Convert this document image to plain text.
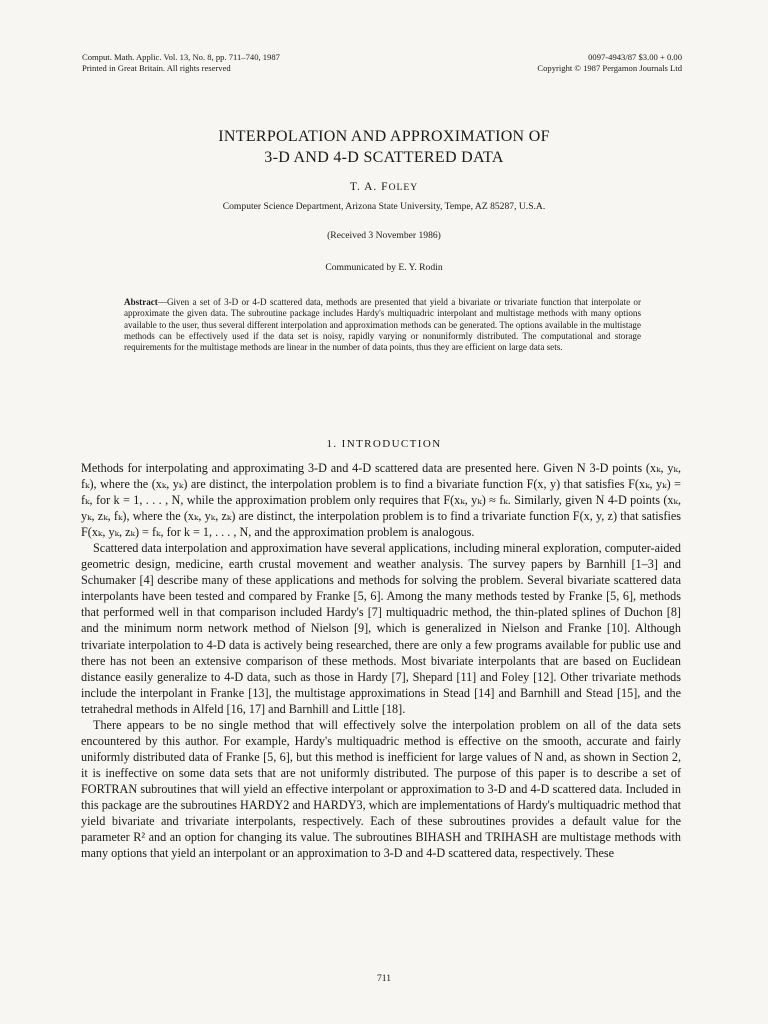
Comput. Math. Applic. Vol. 13, No. 8, pp. 711–740, 1987
Printed in Great Britain. All rights reserved
0097-4943/87 $3.00 + 0.00
Copyright © 1987 Pergamon Journals Ltd
INTERPOLATION AND APPROXIMATION OF
3-D AND 4-D SCATTERED DATA
T. A. FOLEY
Computer Science Department, Arizona State University, Tempe, AZ 85287, U.S.A.
(Received 3 November 1986)
Communicated by E. Y. Rodin
Abstract—Given a set of 3-D or 4-D scattered data, methods are presented that yield a bivariate or trivariate function that interpolate or approximate the given data. The subroutine package includes Hardy's multiquadric interpolant and multistage methods with many options available to the user, thus several different interpolation and approximation methods can be generated. The options available in the multistage methods can be effectively used if the data set is noisy, rapidly varying or nonuniformly distributed. The computational and storage requirements for the multistage methods are linear in the number of data points, thus they are efficient on large data sets.
1. INTRODUCTION

Methods for interpolating and approximating 3-D and 4-D scattered data are presented here. Given N 3-D points (xₖ, yₖ, fₖ), where the (xₖ, yₖ) are distinct, the interpolation problem is to find a bivariate function F(x, y) that satisfies F(xₖ, yₖ) = fₖ, for k = 1, . . . , N, while the approximation problem only requires that F(xₖ, yₖ) ≈ fₖ. Similarly, given N 4-D points (xₖ, yₖ, zₖ, fₖ), where the (xₖ, yₖ, zₖ) are distinct, the interpolation problem is to find a trivariate function F(x, y, z) that satisfies F(xₖ, yₖ, zₖ) = fₖ, for k = 1, . . . , N, and the approximation problem is analogous.

Scattered data interpolation and approximation have several applications, including mineral exploration, computer-aided geometric design, medicine, earth crustal movement and weather analysis. The survey papers by Barnhill [1–3] and Schumaker [4] describe many of these applications and methods for solving the problem. Several bivariate scattered data interpolants have been tested and compared by Franke [5, 6]. Among the many methods tested by Franke [5, 6], methods that performed well in that comparison included Hardy's [7] multiquadric method, the thin-plated splines of Duchon [8] and the minimum norm network method of Nielson [9], which is generalized in Nielson and Franke [10]. Although trivariate interpolation to 4-D data is actively being researched, there are only a few programs available for public use and there has not been an extensive comparison of these methods. Most bivariate interpolants that are based on Euclidean distance easily generalize to 4-D data, such as those in Hardy [7], Shepard [11] and Foley [12]. Other trivariate methods include the interpolant in Franke [13], the multistage approximations in Stead [14] and Barnhill and Stead [15], and the tetrahedral methods in Alfeld [16, 17] and Barnhill and Little [18].

There appears to be no single method that will effectively solve the interpolation problem on all of the data sets encountered by this author. For example, Hardy's multiquadric method is effective on the smooth, accurate and fairly uniformly distributed data of Franke [5, 6], but this method is inefficient for large values of N and, as shown in Section 2, it is ineffective on some data sets that are not uniformly distributed. The purpose of this paper is to describe a set of FORTRAN subroutines that will yield an effective interpolant or approximation to 3-D and 4-D scattered data. Included in this package are the subroutines HARDY2 and HARDY3, which are implementations of Hardy's multiquadric method that yield bivariate and trivariate interpolants, respectively. Each of these subroutines provides a default value for the parameter R² and an option for changing its value. The subroutines BIHASH and TRIHASH are multistage methods with many options that yield an interpolant or an approximation to 3-D and 4-D scattered data, respectively. These

711
